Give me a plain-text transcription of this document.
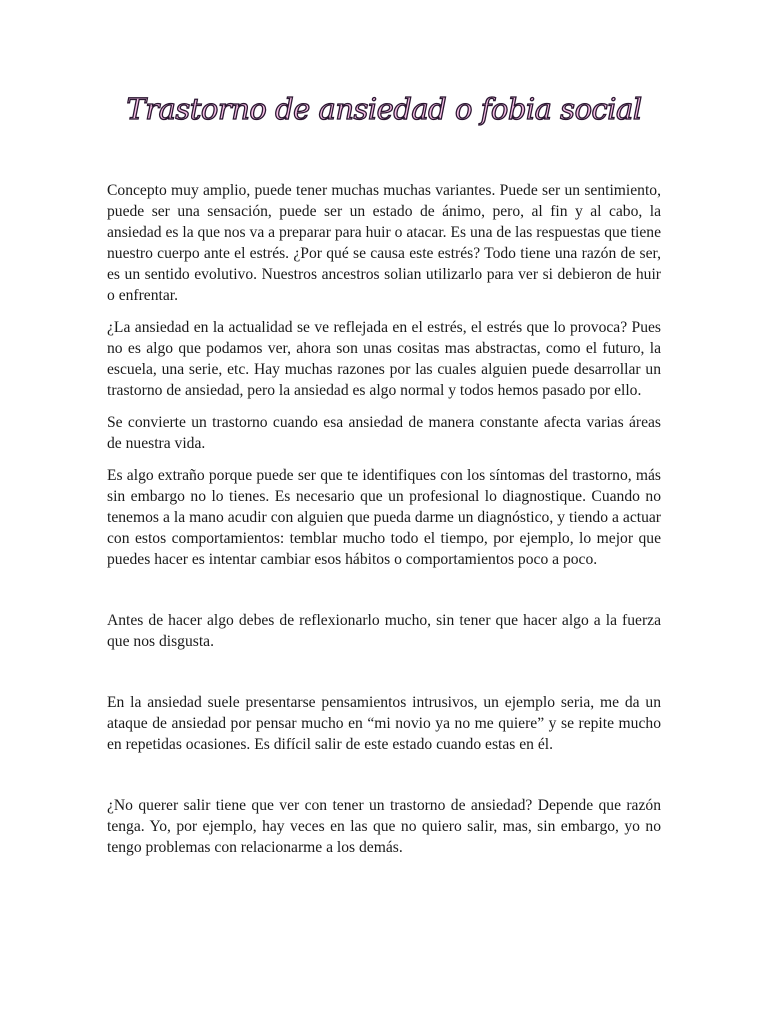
Trastorno de ansiedad o fobia social

Concepto muy amplio, puede tener muchas muchas variantes. Puede ser un sentimiento, puede ser una sensación, puede ser un estado de ánimo, pero, al fin y al cabo, la ansiedad es la que nos va a preparar para huir o atacar. Es una de las respuestas que tiene nuestro cuerpo ante el estrés. ¿Por qué se causa este estrés? Todo tiene una razón de ser, es un sentido evolutivo. Nuestros ancestros solian utilizarlo para ver si debieron de huir o enfrentar.

¿La ansiedad en la actualidad se ve reflejada en el estrés, el estrés que lo provoca? Pues no es algo que podamos ver, ahora son unas cositas mas abstractas, como el futuro, la escuela, una serie, etc. Hay muchas razones por las cuales alguien puede desarrollar un trastorno de ansiedad, pero la ansiedad es algo normal y todos hemos pasado por ello.

Se convierte un trastorno cuando esa ansiedad de manera constante afecta varias áreas de nuestra vida.

Es algo extraño porque puede ser que te identifiques con los síntomas del trastorno, más sin embargo no lo tienes. Es necesario que un profesional lo diagnostique. Cuando no tenemos a la mano acudir con alguien que pueda darme un diagnóstico, y tiendo a actuar con estos comportamientos: temblar mucho todo el tiempo, por ejemplo, lo mejor que puedes hacer es intentar cambiar esos hábitos o comportamientos poco a poco.

Antes de hacer algo debes de reflexionarlo mucho, sin tener que hacer algo a la fuerza que nos disgusta.

En la ansiedad suele presentarse pensamientos intrusivos, un ejemplo seria, me da un ataque de ansiedad por pensar mucho en “mi novio ya no me quiere” y se repite mucho en repetidas ocasiones. Es difícil salir de este estado cuando estas en él.

¿No querer salir tiene que ver con tener un trastorno de ansiedad? Depende que razón tenga. Yo, por ejemplo, hay veces en las que no quiero salir, mas, sin embargo, yo no tengo problemas con relacionarme a los demás.
